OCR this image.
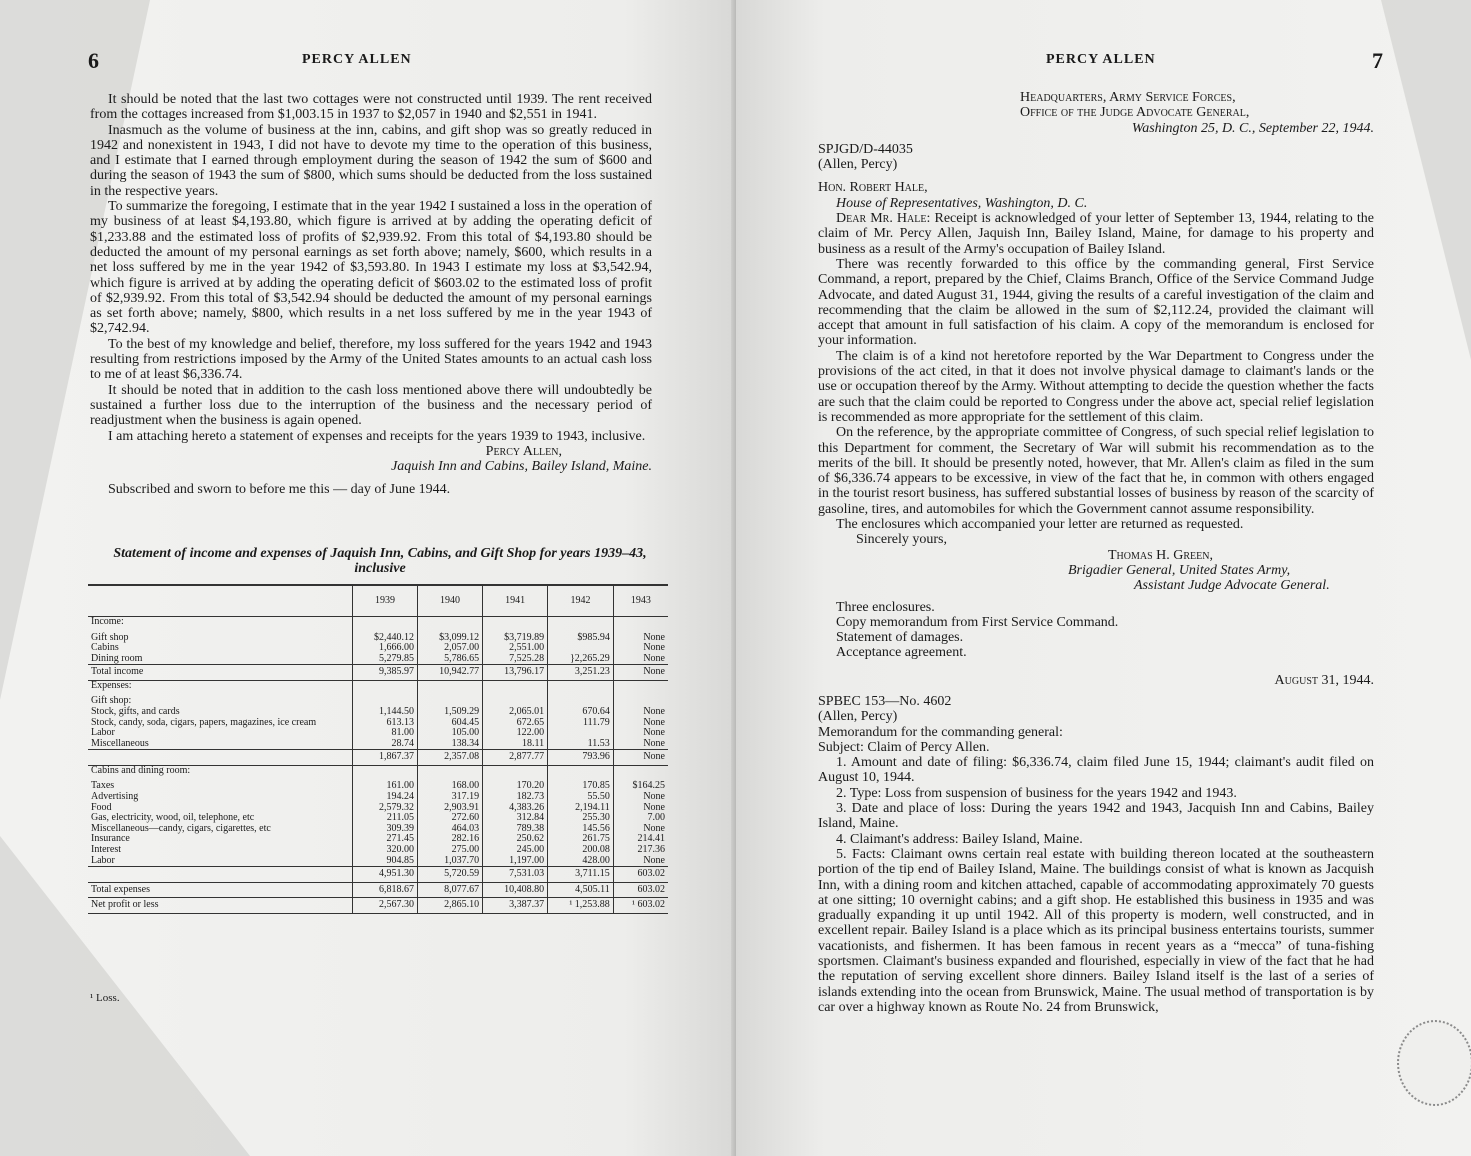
6	PERCY ALLEN

It should be noted that the last two cottages were not constructed until 1939. The rent received from the cottages increased from $1,003.15 in 1937 to $2,057 in 1940 and $2,551 in 1941.

Inasmuch as the volume of business at the inn, cabins, and gift shop was so greatly reduced in 1942 and nonexistent in 1943, I did not have to devote my time to the operation of this business, and I estimate that I earned through employment during the season of 1942 the sum of $600 and during the season of 1943 the sum of $800, which sums should be deducted from the loss sustained in the respective years.

To summarize the foregoing, I estimate that in the year 1942 I sustained a loss in the operation of my business of at least $4,193.80, which figure is arrived at by adding the operating deficit of $1,233.88 and the estimated loss of profits of $2,939.92. From this total of $4,193.80 should be deducted the amount of my personal earnings as set forth above; namely, $600, which results in a net loss suffered by me in the year 1942 of $3,593.80. In 1943 I estimate my loss at $3,542.94, which figure is arrived at by adding the operating deficit of $603.02 to the estimated loss of profit of $2,939.92. From this total of $3,542.94 should be deducted the amount of my personal earnings as set forth above; namely, $800, which results in a net loss suffered by me in the year 1943 of $2,742.94.

To the best of my knowledge and belief, therefore, my loss suffered for the years 1942 and 1943 resulting from restrictions imposed by the Army of the United States amounts to an actual cash loss to me of at least $6,336.74.

It should be noted that in addition to the cash loss mentioned above there will undoubtedly be sustained a further loss due to the interruption of the business and the necessary period of readjustment when the business is again opened.

I am attaching hereto a statement of expenses and receipts for the years 1939 to 1943, inclusive.

Percy Allen,
Jaquish Inn and Cabins, Bailey Island, Maine.

Subscribed and sworn to before me this — day of June 1944.

Statement of income and expenses of Jaquish Inn, Cabins, and Gift Shop for years 1939–43, inclusive
	1939	1940	1941	1942	1943
Income:					
Gift shop	$2,440.12	$3,099.12	$3,719.89	$985.94	None
Cabins	1,666.00	2,057.00	2,551.00		None
Dining room	5,279.85	5,786.65	7,525.28	}2,265.29	None
Total income	9,385.97	10,942.77	13,796.17	3,251.23	None
Expenses:					
Gift shop:					
Stock, gifts, and cards	1,144.50	1,509.29	2,065.01	670.64	None
Stock, candy, soda, cigars, papers, magazines, ice cream	613.13	604.45	672.65	111.79	None
Labor	81.00	105.00	122.00		None
Miscellaneous	28.74	138.34	18.11	11.53	None
	1,867.37	2,357.08	2,877.77	793.96	None
Cabins and dining room:					
Taxes	161.00	168.00	170.20	170.85	$164.25
Advertising	194.24	317.19	182.73	55.50	None
Food	2,579.32	2,903.91	4,383.26	2,194.11	None
Gas, electricity, wood, oil, telephone, etc	211.05	272.60	312.84	255.30	7.00
Miscellaneous—candy, cigars, cigarettes, etc	309.39	464.03	789.38	145.56	None
Insurance	271.45	282.16	250.62	261.75	214.41
Interest	320.00	275.00	245.00	200.08	217.36
Labor	904.85	1,037.70	1,197.00	428.00	None
	4,951.30	5,720.59	7,531.03	3,711.15	603.02
Total expenses	6,818.67	8,077.67	10,408.80	4,505.11	603.02
Net profit or less	2,567.30	2,865.10	3,387.37	¹ 1,253.88	¹ 603.02
¹ Loss.
PERCY ALLEN	7
Headquarters, Army Service Forces,
Office of the Judge Advocate General,
Washington 25, D. C., September 22, 1944.
SPJGD/D-44035
(Allen, Percy)
Hon. Robert Hale,
House of Representatives, Washington, D. C.

Dear Mr. Hale: Receipt is acknowledged of your letter of September 13, 1944, relating to the claim of Mr. Percy Allen, Jaquish Inn, Bailey Island, Maine, for damage to his property and business as a result of the Army's occupation of Bailey Island.

There was recently forwarded to this office by the commanding general, First Service Command, a report, prepared by the Chief, Claims Branch, Office of the Service Command Judge Advocate, and dated August 31, 1944, giving the results of a careful investigation of the claim and recommending that the claim be allowed in the sum of $2,112.24, provided the claimant will accept that amount in full satisfaction of his claim. A copy of the memorandum is enclosed for your information.

The claim is of a kind not heretofore reported by the War Department to Congress under the provisions of the act cited, in that it does not involve physical damage to claimant's lands or the use or occupation thereof by the Army. Without attempting to decide the question whether the facts are such that the claim could be reported to Congress under the above act, special relief legislation is recommended as more appropriate for the settlement of this claim.

On the reference, by the appropriate committee of Congress, of such special relief legislation to this Department for comment, the Secretary of War will submit his recommendation as to the merits of the bill. It should be presently noted, however, that Mr. Allen's claim as filed in the sum of $6,336.74 appears to be excessive, in view of the fact that he, in common with others engaged in the tourist resort business, has suffered substantial losses of business by reason of the scarcity of gasoline, tires, and automobiles for which the Government cannot assume responsibility.

The enclosures which accompanied your letter are returned as requested.

Sincerely yours,
Thomas H. Green,
Brigadier General, United States Army,
Assistant Judge Advocate General.
Three enclosures.
Copy memorandum from First Service Command.
Statement of damages.
Acceptance agreement.
August 31, 1944.
SPBEC 153—No. 4602
(Allen, Percy)
Memorandum for the commanding general:
Subject: Claim of Percy Allen.

1. Amount and date of filing: $6,336.74, claim filed June 15, 1944; claimant's audit filed on August 10, 1944.

2. Type: Loss from suspension of business for the years 1942 and 1943.

3. Date and place of loss: During the years 1942 and 1943, Jacquish Inn and Cabins, Bailey Island, Maine.

4. Claimant's address: Bailey Island, Maine.

5. Facts: Claimant owns certain real estate with building thereon located at the southeastern portion of the tip end of Bailey Island, Maine. The buildings consist of what is known as Jacquish Inn, with a dining room and kitchen attached, capable of accommodating approximately 70 guests at one sitting; 10 overnight cabins; and a gift shop. He established this business in 1935 and was gradually expanding it up until 1942. All of this property is modern, well constructed, and in excellent repair. Bailey Island is a place which as its principal business entertains tourists, summer vacationists, and fishermen. It has been famous in recent years as a “mecca” of tuna-fishing sportsmen. Claimant's business expanded and flourished, especially in view of the fact that he had the reputation of serving excellent shore dinners. Bailey Island itself is the last of a series of islands extending into the ocean from Brunswick, Maine. The usual method of transportation is by car over a highway known as Route No. 24 from Brunswick,
